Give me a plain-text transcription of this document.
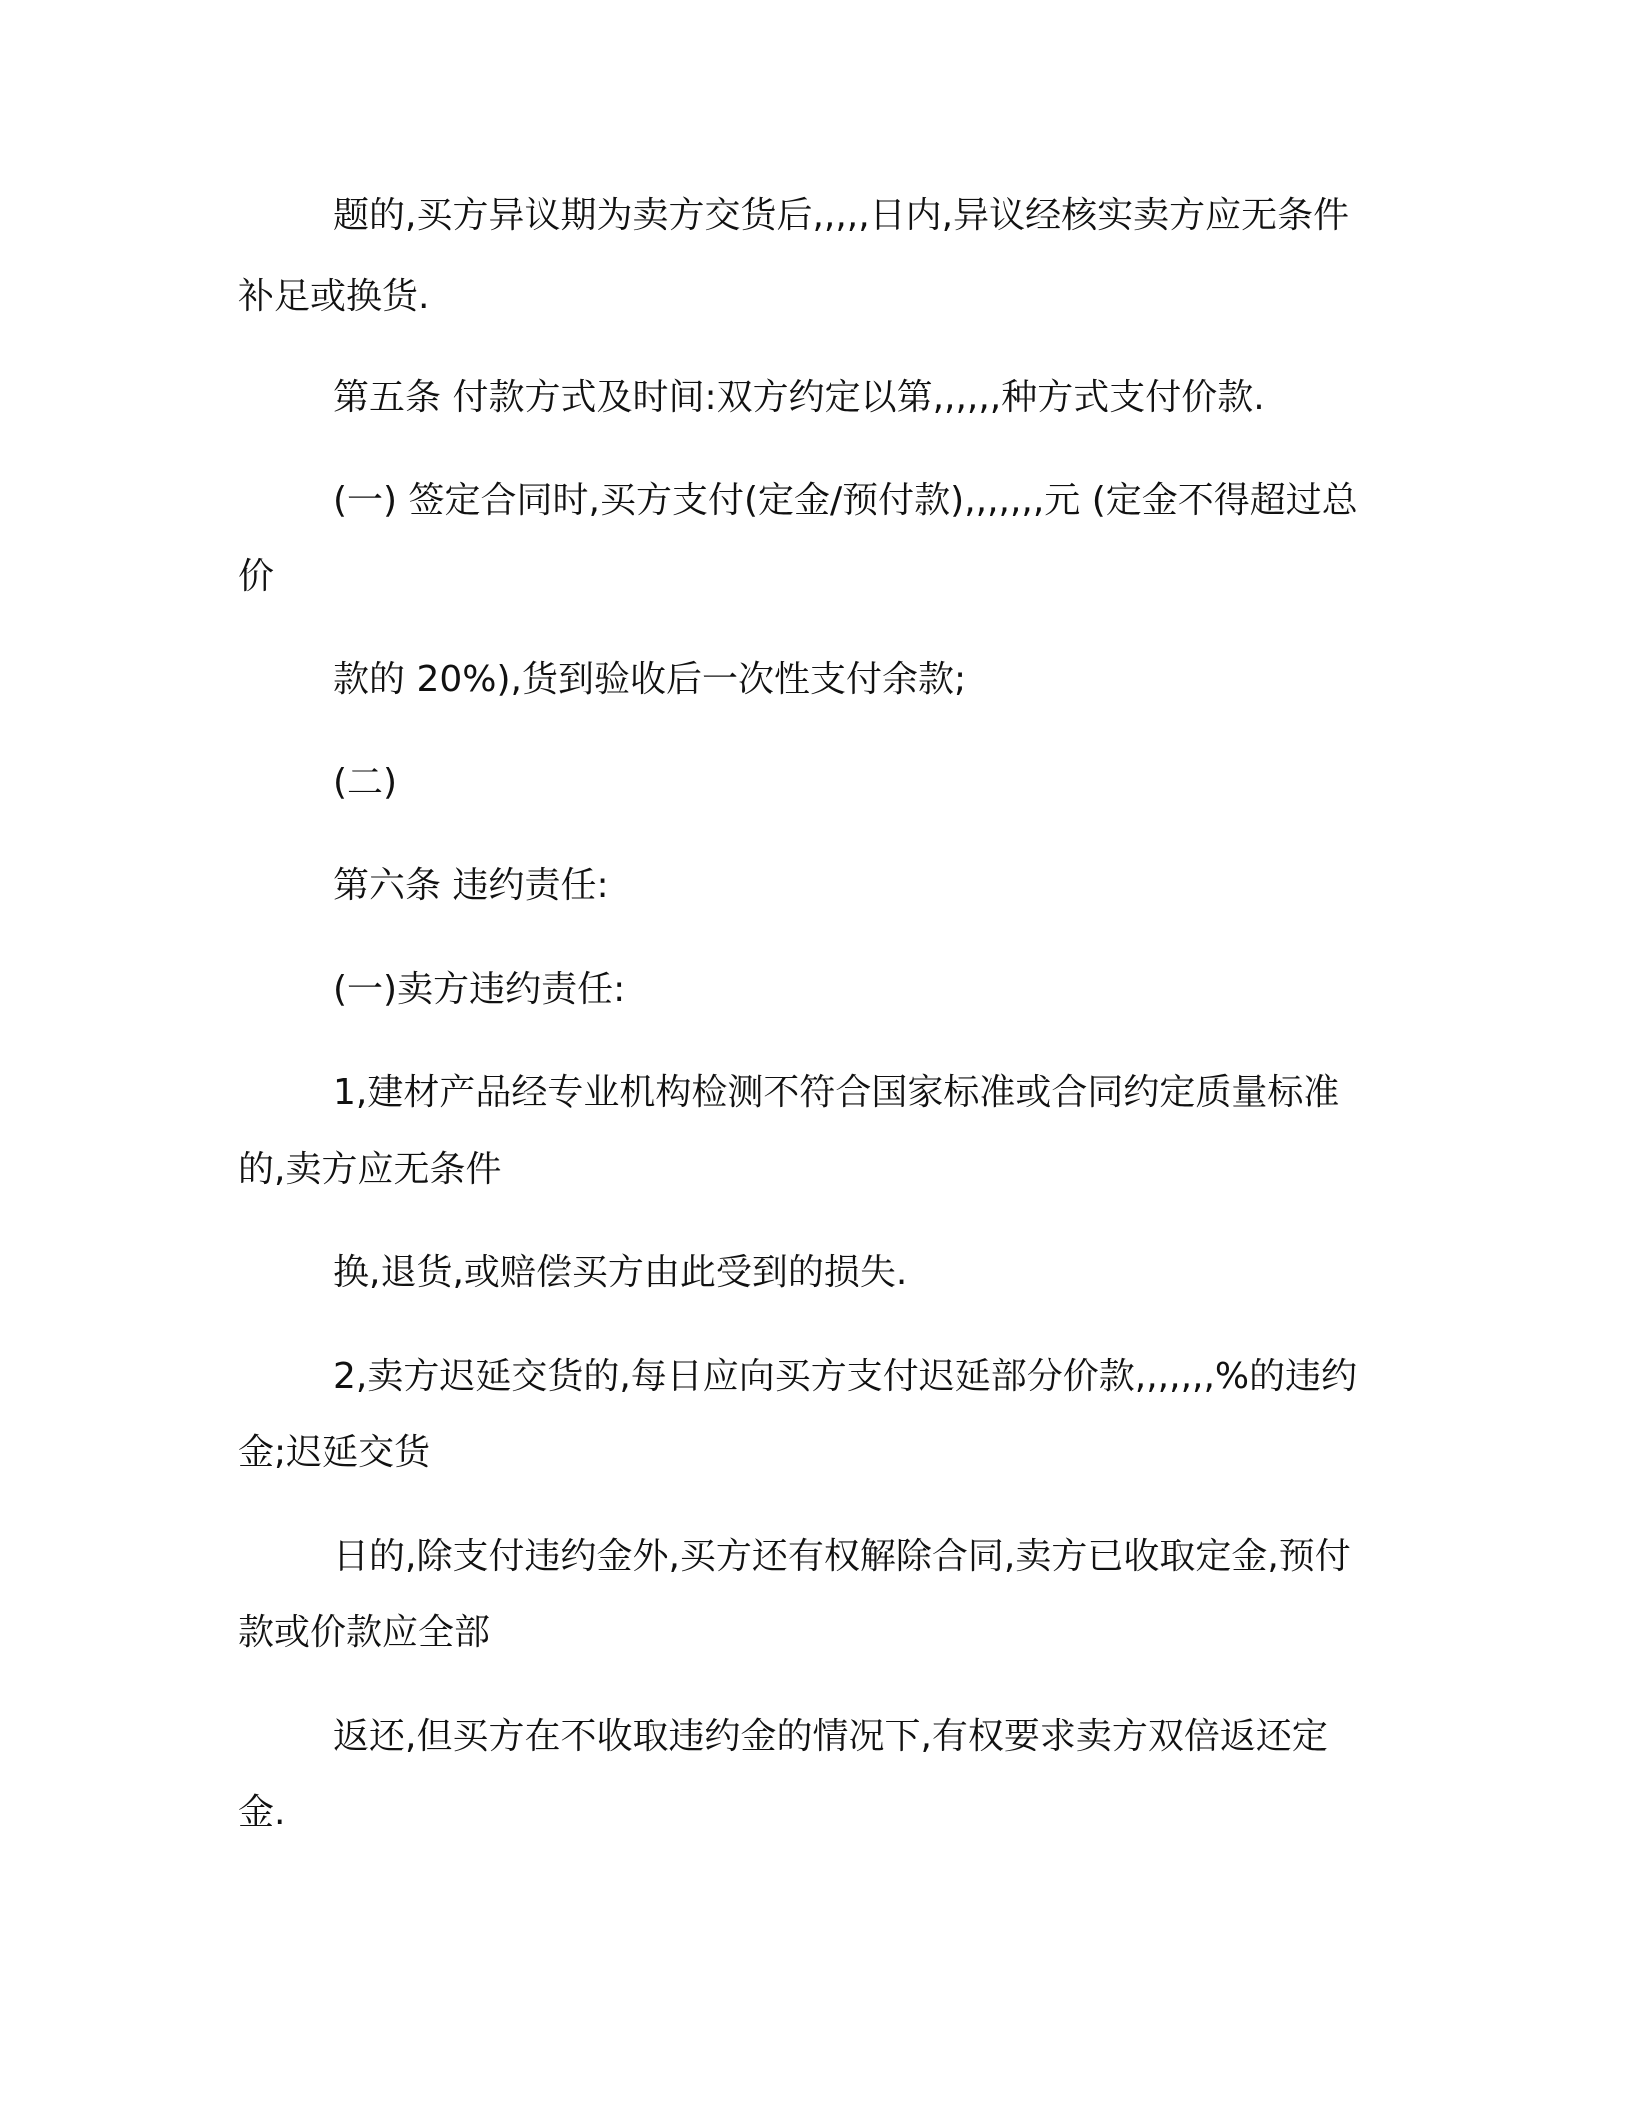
题的,买方异议期为卖方交货后,,,,,日内,异议经核实卖方应无条件
补足或换货.
第五条 付款方式及时间:双方约定以第,,,,,,种方式支付价款.
(一) 签定合同时,买方支付(定金/预付款),,,,,,,元 (定金不得超过总
价
款的 20%),货到验收后一次性支付余款;
(二)
第六条 违约责任:
(一)卖方违约责任:
1,建材产品经专业机构检测不符合国家标准或合同约定质量标准
的,卖方应无条件
换,退货,或赔偿买方由此受到的损失.
2,卖方迟延交货的,每日应向买方支付迟延部分价款,,,,,,,%的违约
金;迟延交货
日的,除支付违约金外,买方还有权解除合同,卖方已收取定金,预付
款或价款应全部
返还,但买方在不收取违约金的情况下,有权要求卖方双倍返还定
金.
